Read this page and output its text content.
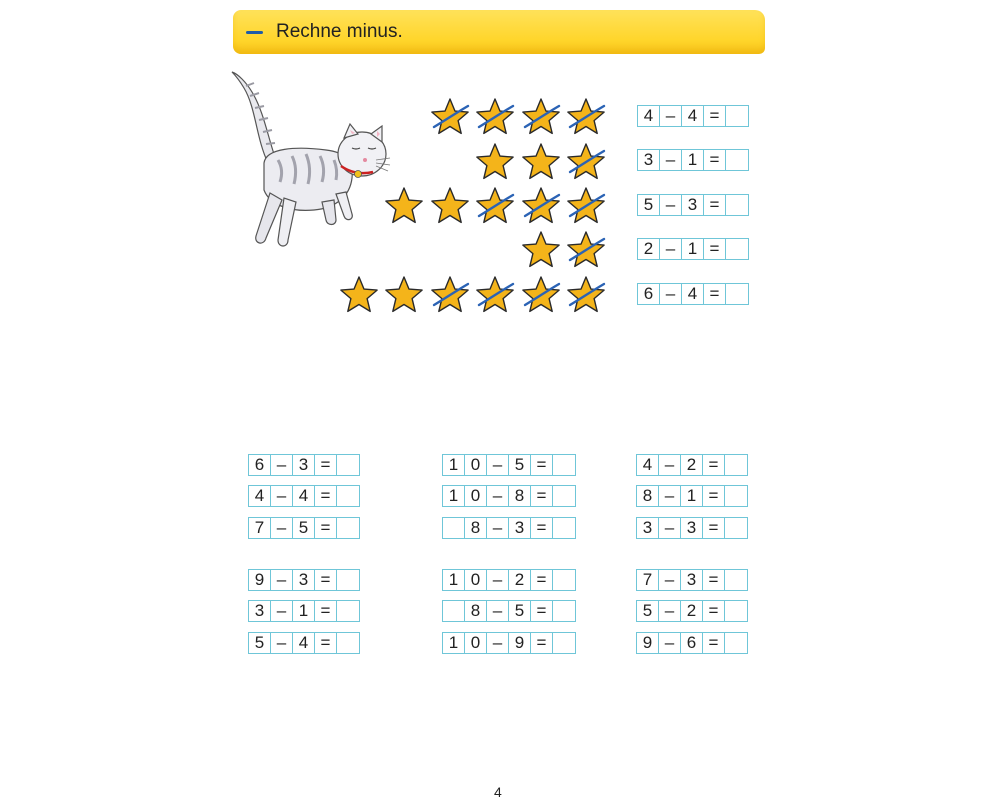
Rechne minus.
4 – 4 =
3 – 1 =
5 – 3 =
2 – 1 =
6 – 4 =
6 – 3 =
4 – 4 =
7 – 5 =
9 – 3 =
3 – 1 =
5 – 4 =
1 0 – 5 =
1 0 – 8 =
8 – 3 =
1 0 – 2 =
8 – 5 =
1 0 – 9 =
4 – 2 =
8 – 1 =
3 – 3 =
7 – 3 =
5 – 2 =
9 – 6 =
4
